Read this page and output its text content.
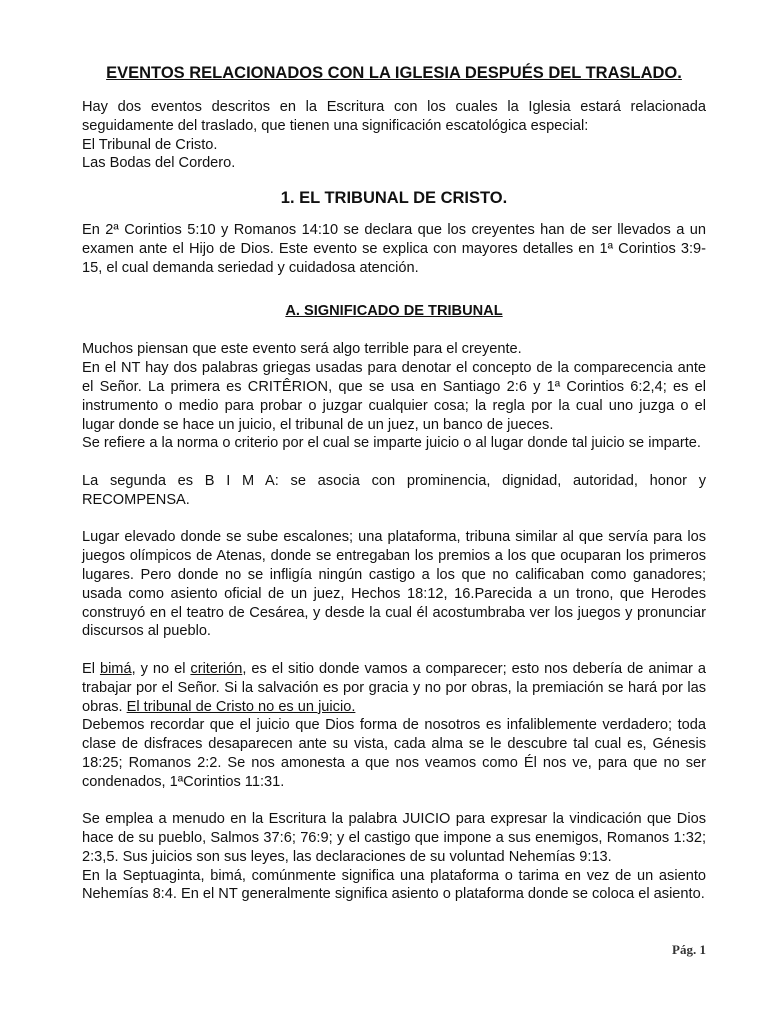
EVENTOS RELACIONADOS CON LA IGLESIA DESPUÉS DEL TRASLADO.

Hay dos eventos descritos en la Escritura con los cuales la Iglesia estará relacionada seguidamente del traslado, que tienen una significación escatológica especial:

El Tribunal de Cristo.

Las Bodas del Cordero.

1. EL TRIBUNAL DE CRISTO.

En 2ª Corintios 5:10 y Romanos 14:10 se declara que los creyentes han de ser llevados a un examen ante el Hijo de Dios. Este evento se explica con mayores detalles en 1ª Corintios 3:9-15, el cual demanda seriedad y cuidadosa atención.

A. SIGNIFICADO DE TRIBUNAL

Muchos piensan que este evento será algo terrible para el creyente.

En el NT hay dos palabras griegas usadas para denotar el concepto de la comparecencia ante el Señor. La primera es CRITÊRION, que se usa en Santiago 2:6 y 1ª Corintios 6:2,4; es el instrumento o medio para probar o juzgar cualquier cosa; la regla por la cual uno juzga o el lugar donde se hace un juicio, el tribunal de un juez, un banco de jueces.

Se refiere a la norma o criterio por el cual se imparte juicio o al lugar donde tal juicio se imparte.

La segunda es B I M A: se asocia con prominencia, dignidad, autoridad, honor y RECOMPENSA.

Lugar elevado donde se sube escalones; una plataforma, tribuna similar al que servía para los juegos olímpicos de Atenas, donde se entregaban los premios a los que ocuparan los primeros lugares. Pero donde no se infligía ningún castigo a los que no calificaban como ganadores; usada como asiento oficial de un juez, Hechos 18:12, 16.Parecida a un trono, que Herodes construyó en el teatro de Cesárea, y desde la cual él acostumbraba ver los juegos y pronunciar discursos al pueblo.

El bimá, y no el criterión, es el sitio donde vamos a comparecer; esto nos debería de animar a trabajar por el Señor. Si la salvación es por gracia y no por obras, la premiación se hará por las obras. El tribunal de Cristo no es un juicio.

Debemos recordar que el juicio que Dios forma de nosotros es infaliblemente verdadero; toda clase de disfraces desaparecen ante su vista, cada alma se le descubre tal cual es, Génesis 18:25; Romanos 2:2. Se nos amonesta a que nos veamos como Él nos ve, para que no ser condenados, 1ªCorintios 11:31.

Se emplea a menudo en la Escritura la palabra JUICIO para expresar la vindicación que Dios hace de su pueblo, Salmos 37:6; 76:9; y el castigo que impone a sus enemigos, Romanos 1:32; 2:3,5. Sus juicios son sus leyes, las declaraciones de su voluntad Nehemías 9:13.

En la Septuaginta, bimá, comúnmente significa una plataforma o tarima en vez de un asiento Nehemías 8:4. En el NT generalmente significa asiento o plataforma donde se coloca el asiento.

Pág. 1
